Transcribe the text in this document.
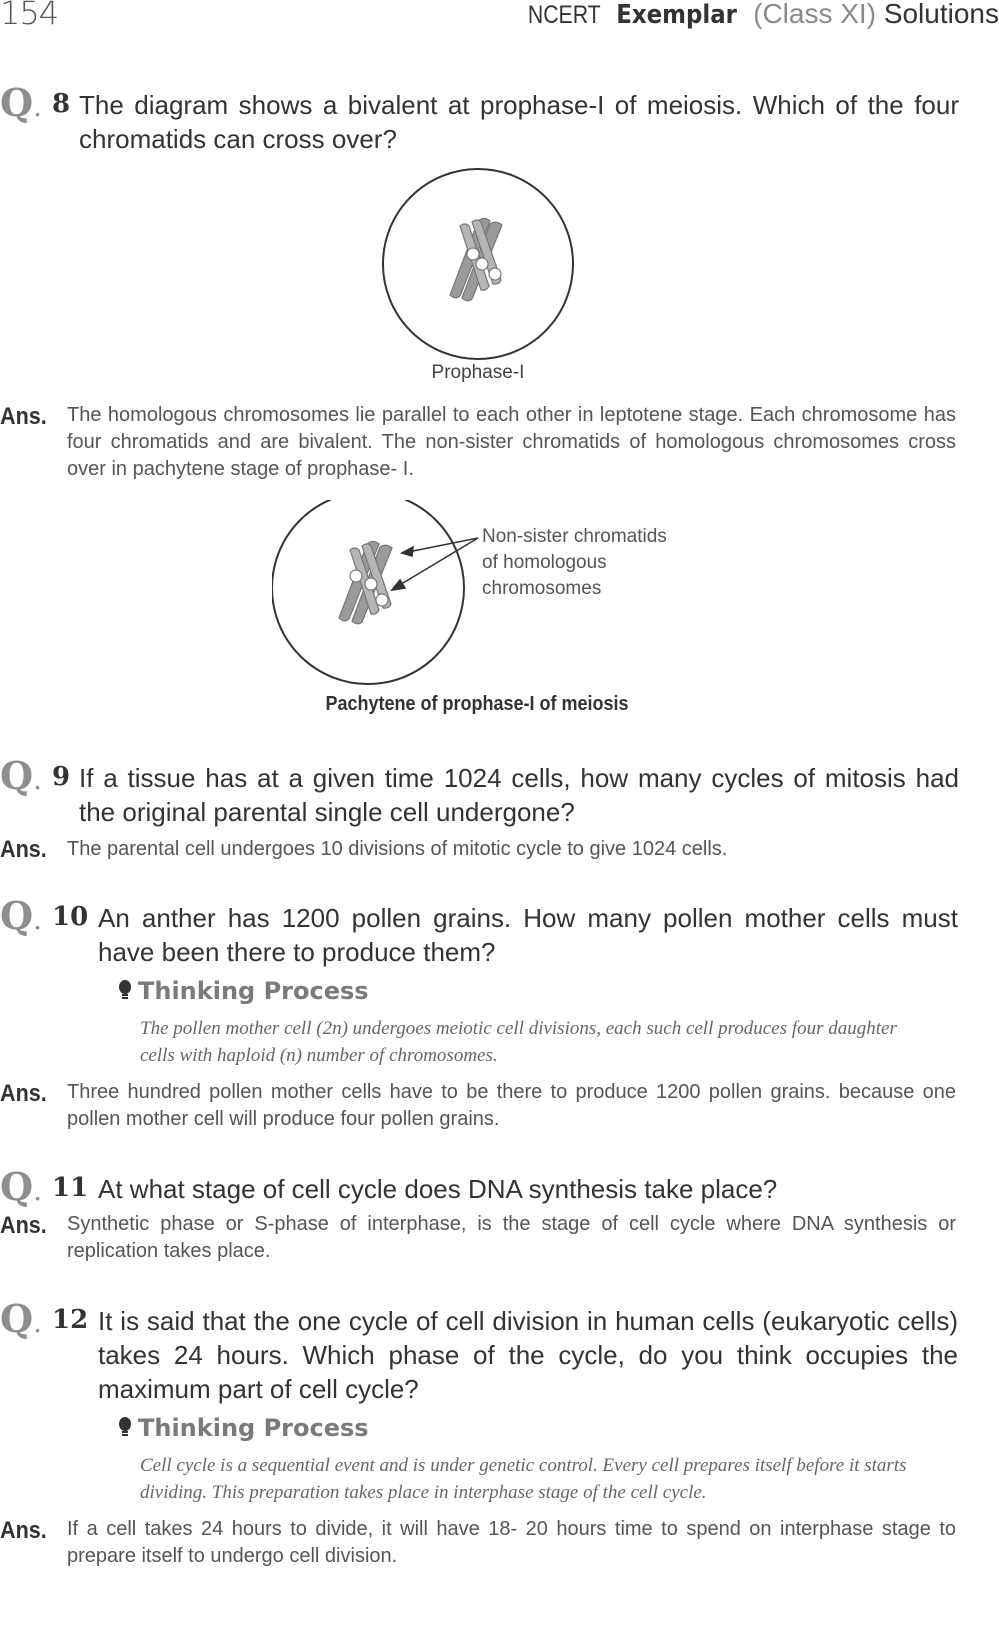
154	NCERT Exemplar (Class XI) Solutions
Q. 8 The diagram shows a bivalent at prophase-I of meiosis. Which of the four chromatids can cross over?
Prophase-I
Ans. The homologous chromosomes lie parallel to each other in leptotene stage. Each chromosome has four chromatids and are bivalent. The non-sister chromatids of homologous chromosomes cross over in pachytene stage of prophase- I.
Non-sister chromatids
of homologous
chromosomes
Pachytene of prophase-I of meiosis
Q. 9 If a tissue has at a given time 1024 cells, how many cycles of mitosis had the original parental single cell undergone?
Ans. The parental cell undergoes 10 divisions of mitotic cycle to give 1024 cells.
Q. 10 An anther has 1200 pollen grains. How many pollen mother cells must have been there to produce them?
Thinking Process
The pollen mother cell (2n) undergoes meiotic cell divisions, each such cell produces four daughter cells with haploid (n) number of chromosomes.
Ans. Three hundred pollen mother cells have to be there to produce 1200 pollen grains. because one pollen mother cell will produce four pollen grains.
Q. 11 At what stage of cell cycle does DNA synthesis take place?
Ans. Synthetic phase or S-phase of interphase, is the stage of cell cycle where DNA synthesis or replication takes place.
Q. 12 It is said that the one cycle of cell division in human cells (eukaryotic cells) takes 24 hours. Which phase of the cycle, do you think occupies the maximum part of cell cycle?
Thinking Process
Cell cycle is a sequential event and is under genetic control. Every cell prepares itself before it starts dividing. This preparation takes place in interphase stage of the cell cycle.
Ans. If a cell takes 24 hours to divide, it will have 18- 20 hours time to spend on interphase stage to prepare itself to undergo cell division.
